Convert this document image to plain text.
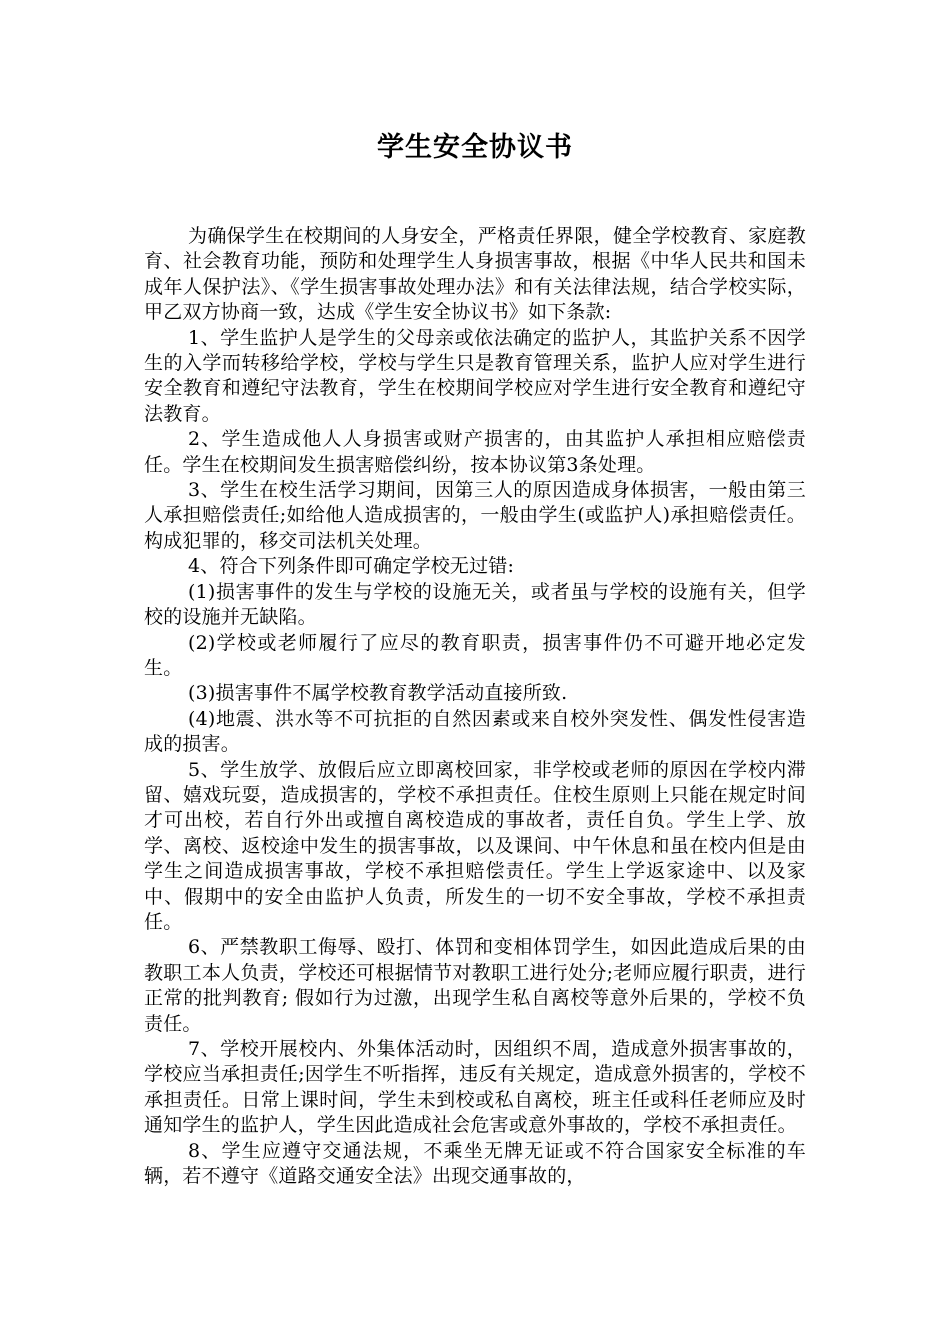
学生安全协议书

为确保学生在校期间的人身安全，严格责任界限，健全学校教育、家庭教育、社会教育功能，预防和处理学生人身损害事故，根据《中华人民共和国未成年人保护法》、《学生损害事故处理办法》和有关法律法规，结合学校实际，甲乙双方协商一致，达成《学生安全协议书》如下条款:

1、学生监护人是学生的父母亲或依法确定的监护人，其监护关系不因学生的入学而转移给学校，学校与学生只是教育管理关系，监护人应对学生进行安全教育和遵纪守法教育，学生在校期间学校应对学生进行安全教育和遵纪守法教育。

2、学生造成他人人身损害或财产损害的，由其监护人承担相应赔偿责任。学生在校期间发生损害赔偿纠纷，按本协议第3条处理。

3、学生在校生活学习期间，因第三人的原因造成身体损害，一般由第三人承担赔偿责任;如给他人造成损害的，一般由学生(或监护人)承担赔偿责任。构成犯罪的，移交司法机关处理。

4、符合下列条件即可确定学校无过错:

(1)损害事件的发生与学校的设施无关，或者虽与学校的设施有关，但学校的设施并无缺陷。

(2)学校或老师履行了应尽的教育职责，损害事件仍不可避开地必定发生。

(3)损害事件不属学校教育教学活动直接所致.

(4)地震、洪水等不可抗拒的自然因素或来自校外突发性、偶发性侵害造成的损害。

5、学生放学、放假后应立即离校回家，非学校或老师的原因在学校内滞留、嬉戏玩耍，造成损害的，学校不承担责任。住校生原则上只能在规定时间才可出校，若自行外出或擅自离校造成的事故者，责任自负。学生上学、放学、离校、返校途中发生的损害事故，以及课间、中午休息和虽在校内但是由学生之间造成损害事故，学校不承担赔偿责任。学生上学返家途中、以及家中、假期中的安全由监护人负责，所发生的一切不安全事故，学校不承担责任。

6、严禁教职工侮辱、殴打、体罚和变相体罚学生，如因此造成后果的由教职工本人负责，学校还可根据情节对教职工进行处分;老师应履行职责，进行正常的批判教育; 假如行为过激，出现学生私自离校等意外后果的，学校不负责任。

7、学校开展校内、外集体活动时，因组织不周，造成意外损害事故的，学校应当承担责任;因学生不听指挥，违反有关规定，造成意外损害的，学校不承担责任。日常上课时间，学生未到校或私自离校，班主任或科任老师应及时通知学生的监护人，学生因此造成社会危害或意外事故的，学校不承担责任。

8、学生应遵守交通法规，不乘坐无牌无证或不符合国家安全标准的车辆，若不遵守《道路交通安全法》出现交通事故的，
